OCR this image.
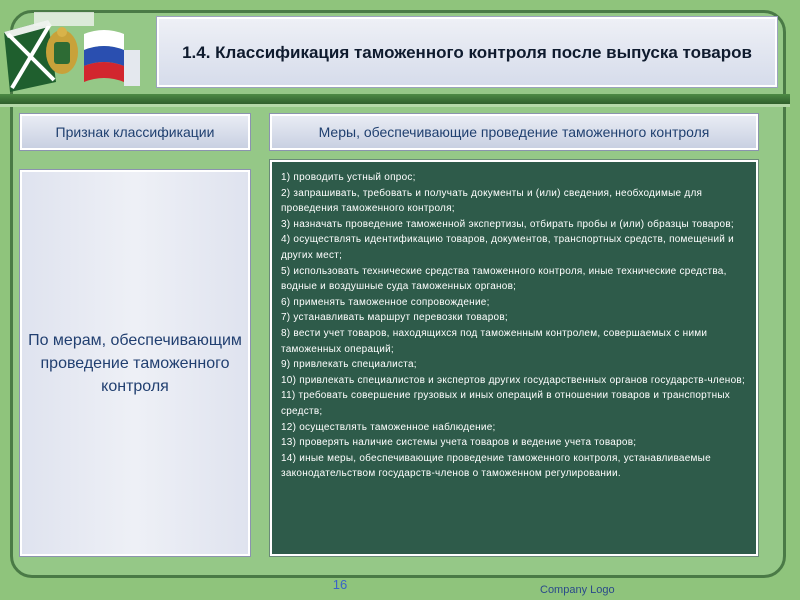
1.4. Классификация таможенного контроля после выпуска товаров
Признак классификации	Меры, обеспечивающие проведение таможенного контроля
По мерам, обеспечивающим проведение таможенного контроля

1) проводить устный опрос;

2) запрашивать, требовать и получать документы и (или) сведения, необходимые для проведения таможенного контроля;

3) назначать проведение таможенной экспертизы, отбирать пробы и (или) образцы товаров;

4) осуществлять идентификацию товаров, документов, транспортных средств, помещений и других мест;

5) использовать технические средства таможенного контроля, иные технические средства, водные и воздушные суда таможенных органов;

6) применять таможенное сопровождение;

7) устанавливать маршрут перевозки товаров;

8) вести учет товаров, находящихся под таможенным контролем, совершаемых с ними таможенных операций;

9) привлекать специалиста;

10) привлекать специалистов и экспертов других государственных органов государств-членов;

11) требовать совершение грузовых и иных операций в отношении товаров и транспортных средств;

12) осуществлять таможенное наблюдение;

13) проверять наличие системы учета товаров и ведение учета товаров;

14) иные меры, обеспечивающие проведение таможенного контроля, устанавливаемые законодательством государств-членов о таможенном регулировании.

16	Company Logo
